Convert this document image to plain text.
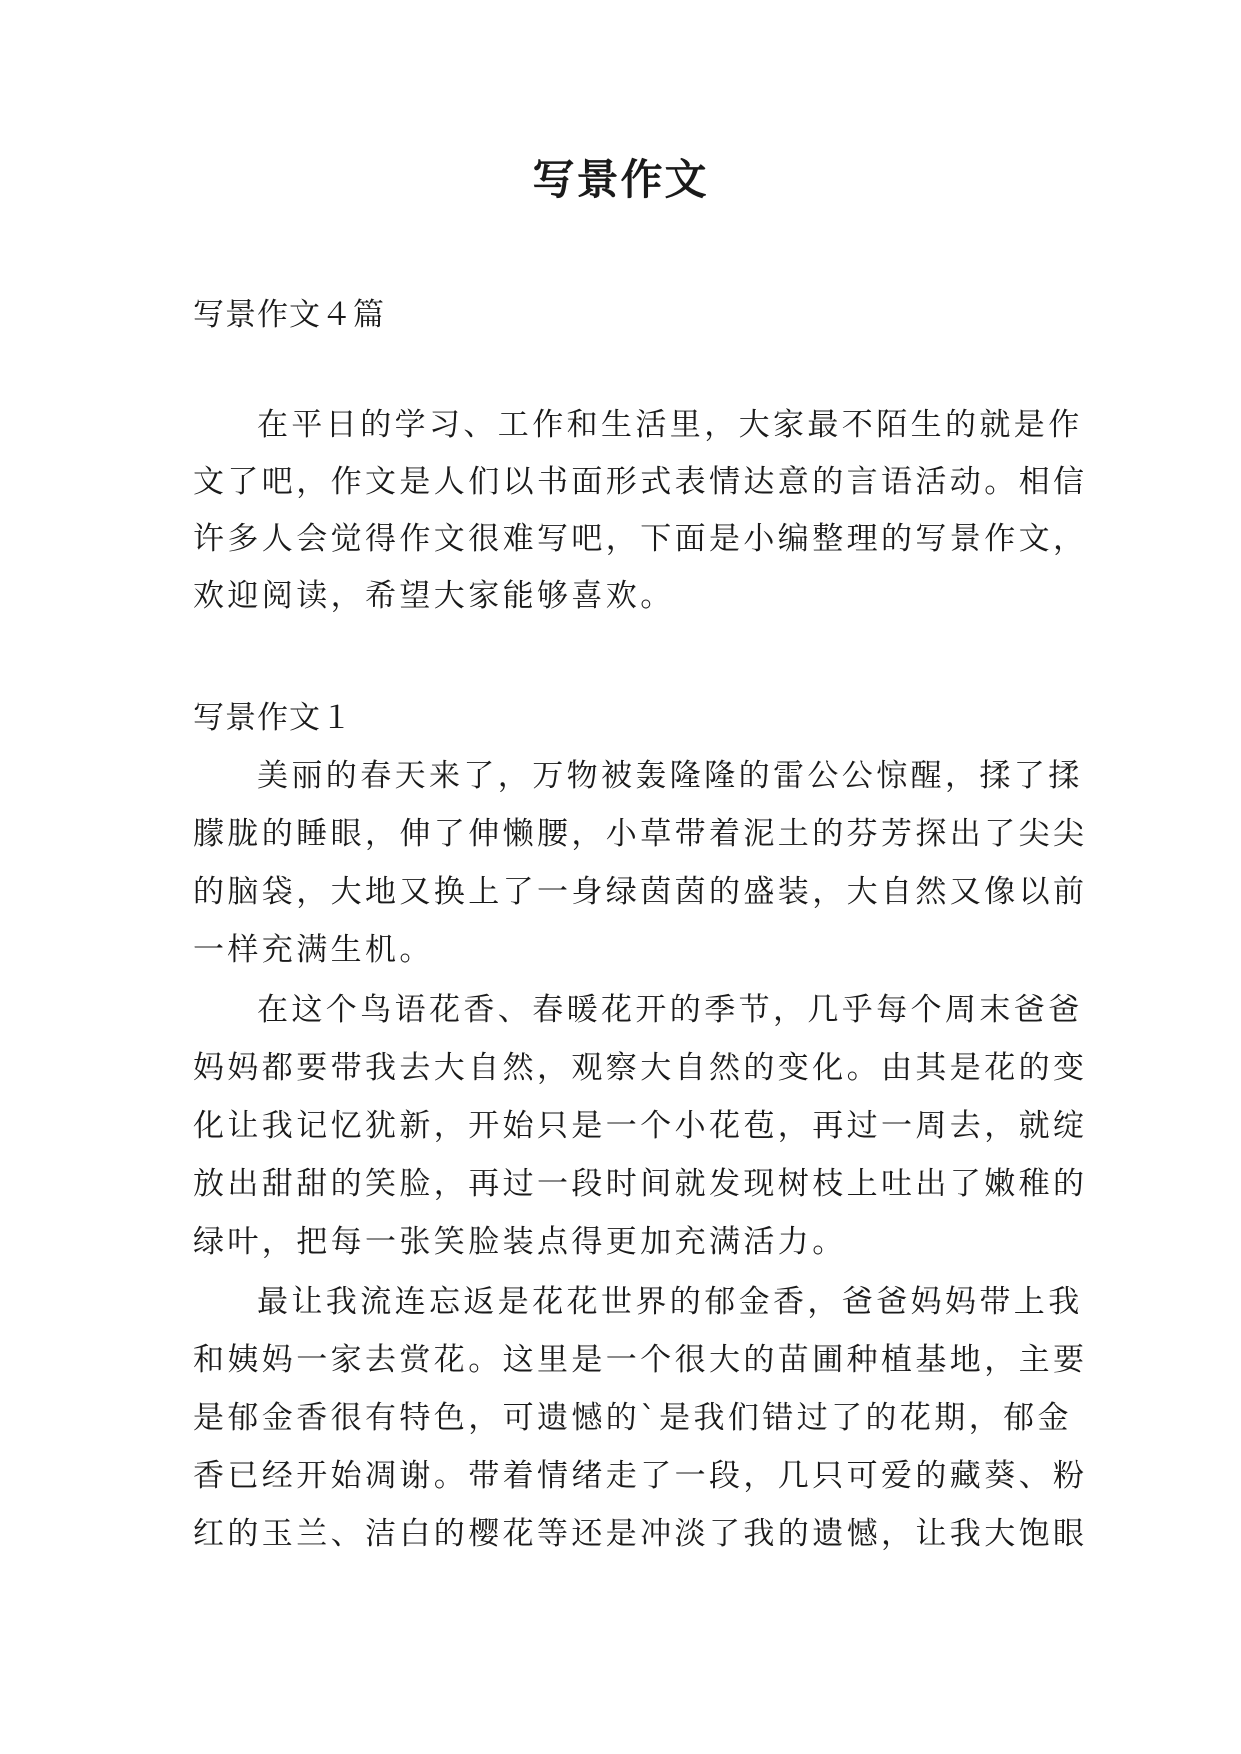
写景作文

写景作文４篇

在平日的学习、工作和生活里，大家最不陌生的就是作

文了吧，作文是人们以书面形式表情达意的言语活动。相信

许多人会觉得作文很难写吧，下面是小编整理的写景作文，

欢迎阅读，希望大家能够喜欢。

写景作文１

美丽的春天来了，万物被轰隆隆的雷公公惊醒，揉了揉

朦胧的睡眼，伸了伸懒腰，小草带着泥土的芬芳探出了尖尖

的脑袋，大地又换上了一身绿茵茵的盛装，大自然又像以前

一样充满生机。

在这个鸟语花香、春暖花开的季节，几乎每个周末爸爸

妈妈都要带我去大自然，观察大自然的变化。由其是花的变

化让我记忆犹新，开始只是一个小花苞，再过一周去，就绽

放出甜甜的笑脸，再过一段时间就发现树枝上吐出了嫩稚的

绿叶，把每一张笑脸装点得更加充满活力。

最让我流连忘返是花花世界的郁金香，爸爸妈妈带上我

和姨妈一家去赏花。这里是一个很大的苗圃种植基地，主要

是郁金香很有特色，可遗憾的`是我们错过了的花期，郁金

香已经开始凋谢。带着情绪走了一段，几只可爱的藏葵、粉

红的玉兰、洁白的樱花等还是冲淡了我的遗憾，让我大饱眼
